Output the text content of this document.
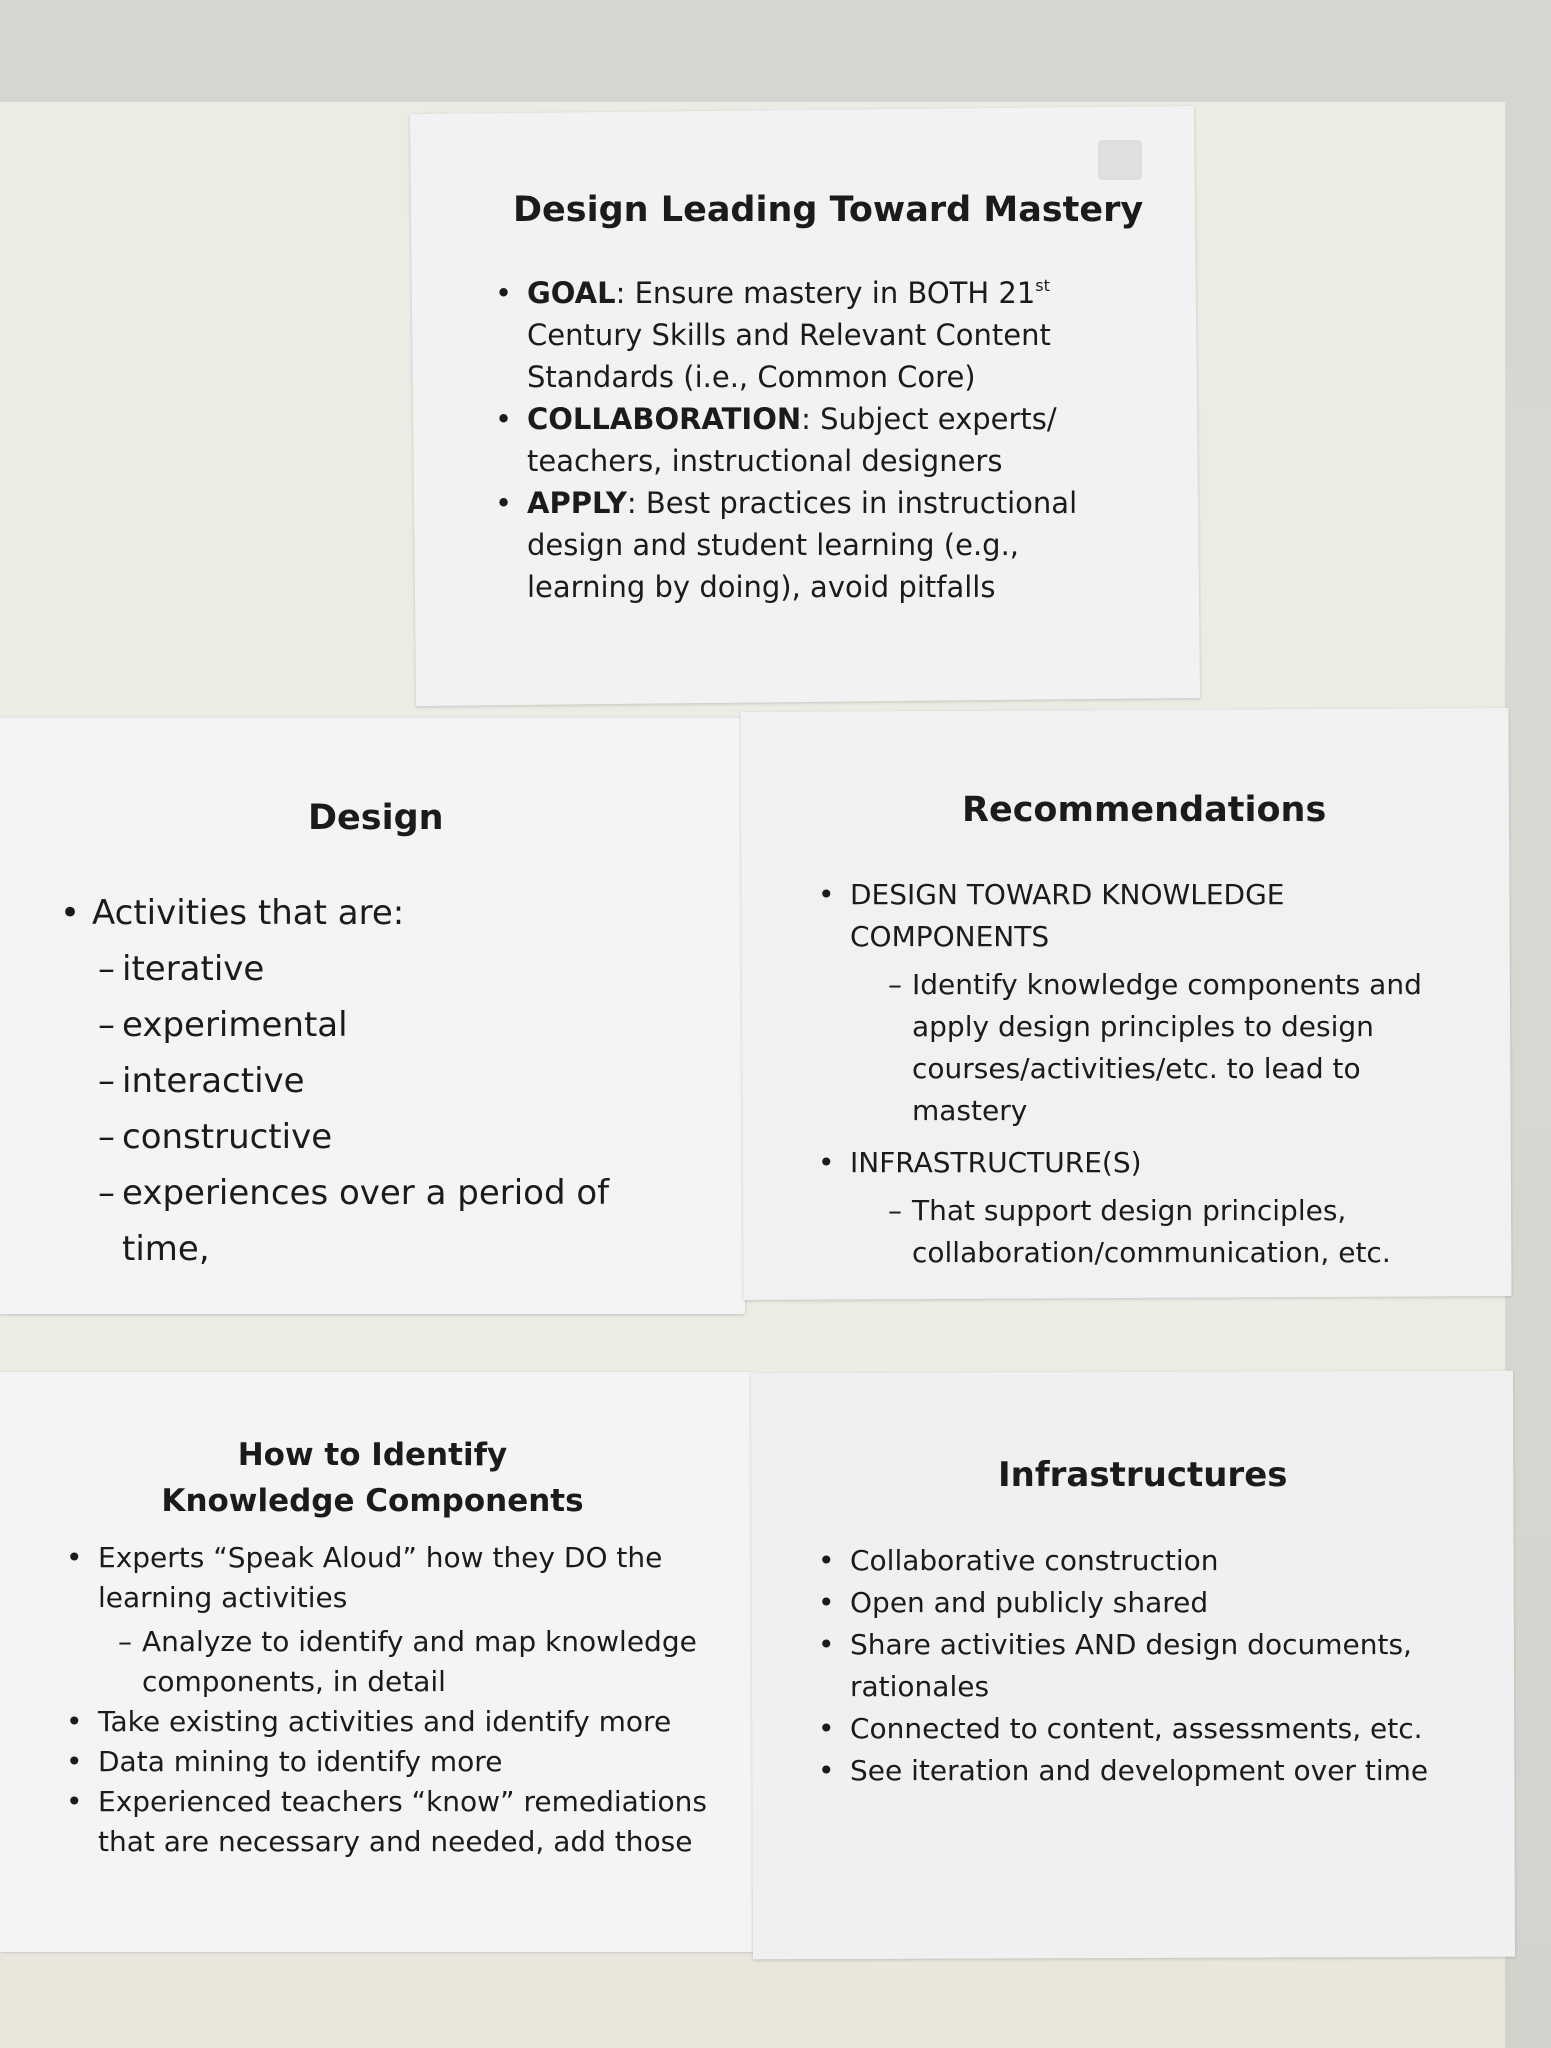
Design Leading Toward Mastery
• GOAL: Ensure mastery in BOTH 21st Century Skills and Relevant Content Standards (i.e., Common Core)
• COLLABORATION: Subject experts/ teachers, instructional designers
• APPLY: Best practices in instructional design and student learning (e.g., learning by doing), avoid pitfalls
Design
• Activities that are:
– iterative
– experimental
– interactive
– constructive
– experiences over a period of time,
Recommendations
• DESIGN TOWARD KNOWLEDGE COMPONENTS
– Identify knowledge components and apply design principles to design courses/activities/etc. to lead to mastery
• INFRASTRUCTURE(S)
– That support design principles, collaboration/communication, etc.
How to Identify
Knowledge Components
• Experts “Speak Aloud” how they DO the learning activities
– Analyze to identify and map knowledge components, in detail
• Take existing activities and identify more
• Data mining to identify more
• Experienced teachers “know” remediations that are necessary and needed, add those
Infrastructures
• Collaborative construction
• Open and publicly shared
• Share activities AND design documents, rationales
• Connected to content, assessments, etc.
• See iteration and development over time
